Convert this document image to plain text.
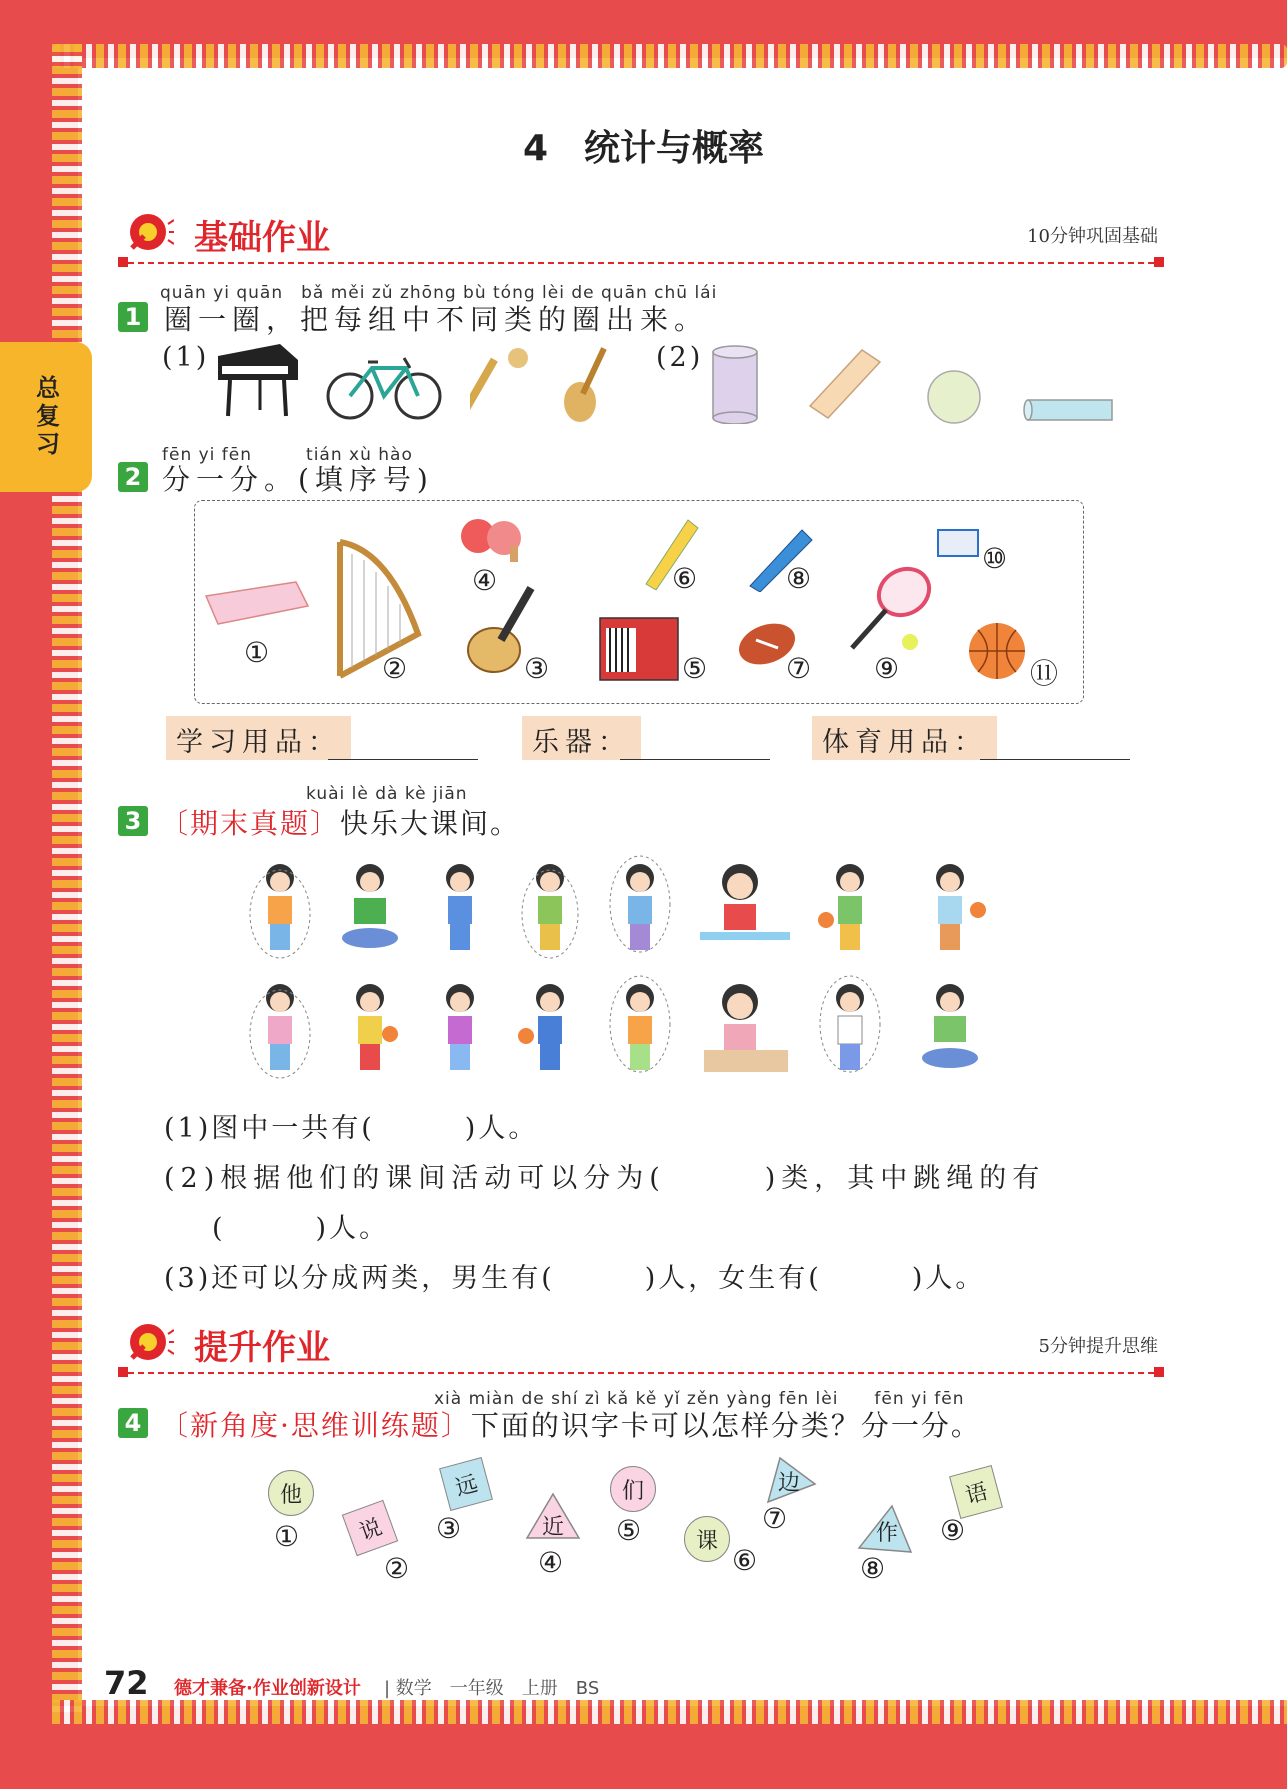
总复习
4　统计与概率
基础作业	10分钟巩固基础
quān yi quān　bǎ měi zǔ zhōng bù tóng lèi de quān chū lái
1 圈一圈，把每组中不同类的圈出来。
(1)	(2)
fēn yi fēn　　　tián xù hào
2 分一分。(填序号)
①	②	③
④
⑤
⑥
⑦
⑧
⑨
⑩
⑪
学习用品：	乐器：	体育用品：
kuài lè dà kè jiān
3 〔期末真题〕快乐大课间。
(1)图中一共有(　　　)人。
(2)根据他们的课间活动可以分为(　　　)类，其中跳绳的有
(　　　)人。
(3)还可以分成两类，男生有(　　　)人，女生有(　　　)人。
提升作业	5分钟提升思维
xià miàn de shí zì kǎ kě yǐ zěn yàng fēn lèi　　fēn yi fēn
4 〔新角度·思维训练题〕下面的识字卡可以怎样分类？分一分。
他
①	说
②
远
③	近
④
们
⑤	课
⑥
边
⑦	作
⑧
语
⑨
72 德才兼备·作业创新设计 | 数学　一年级　上册　BS
